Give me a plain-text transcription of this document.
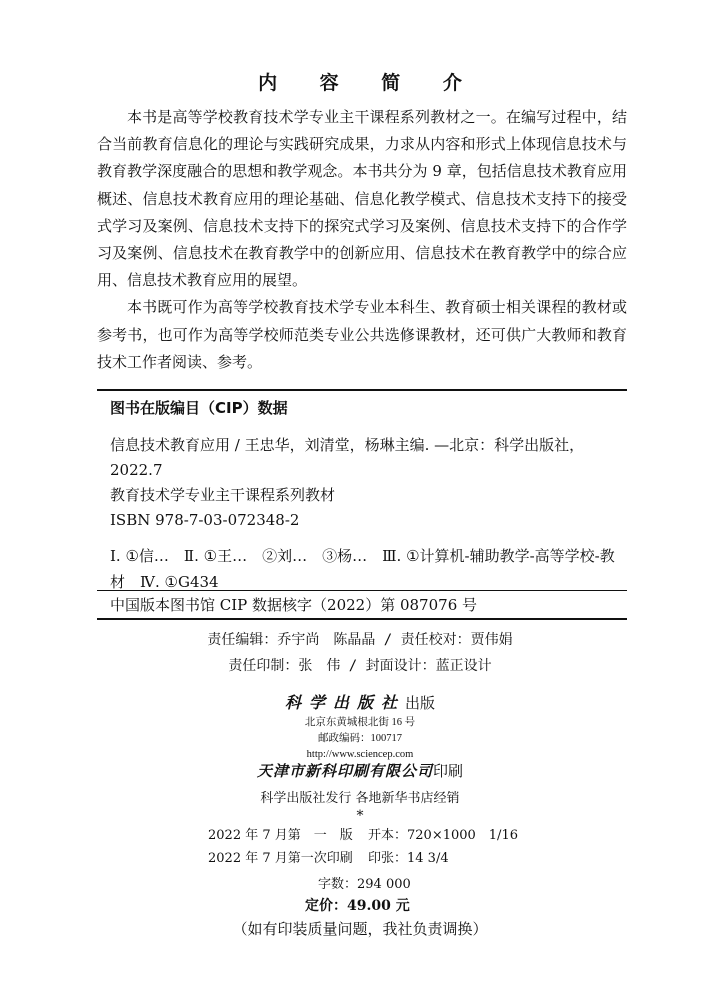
内 容 简 介

本书是高等学校教育技术学专业主干课程系列教材之一。在编写过程中，结合当前教育信息化的理论与实践研究成果，力求从内容和形式上体现信息技术与教育教学深度融合的思想和教学观念。本书共分为 9 章，包括信息技术教育应用概述、信息技术教育应用的理论基础、信息化教学模式、信息技术支持下的接受式学习及案例、信息技术支持下的探究式学习及案例、信息技术支持下的合作学习及案例、信息技术在教育教学中的创新应用、信息技术在教育教学中的综合应用、信息技术教育应用的展望。

本书既可作为高等学校教育技术学专业本科生、教育硕士相关课程的教材或参考书，也可作为高等学校师范类专业公共选修课教材，还可供广大教师和教育技术工作者阅读、参考。

图书在版编目（CIP）数据

信息技术教育应用 / 王忠华，刘清堂，杨琳主编. —北京：科学出版社，2022.7

教育技术学专业主干课程系列教材

ISBN 978-7-03-072348-2

Ⅰ. ①信…　Ⅱ. ①王…　②刘…　③杨…　Ⅲ. ①计算机-辅助教学-高等学校-教材　Ⅳ. ①G434

中国版本图书馆 CIP 数据核字（2022）第 087076 号
责任编辑：乔宇尚　陈晶晶 / 责任校对：贾伟娟
责任印制：张　伟 / 封面设计：蓝正设计
科学出版社出版
北京东黄城根北街 16 号
邮政编码：100717
http://www.sciencep.com
天津市新科印刷有限公司印刷
科学出版社发行 各地新华书店经销
*
2022 年 7 月第　一　版 开本：720×1000　1/16
2022 年 7 月第一次印刷 印张：14 3/4
字数：294 000
定价：49.00 元
（如有印装质量问题，我社负责调换）
